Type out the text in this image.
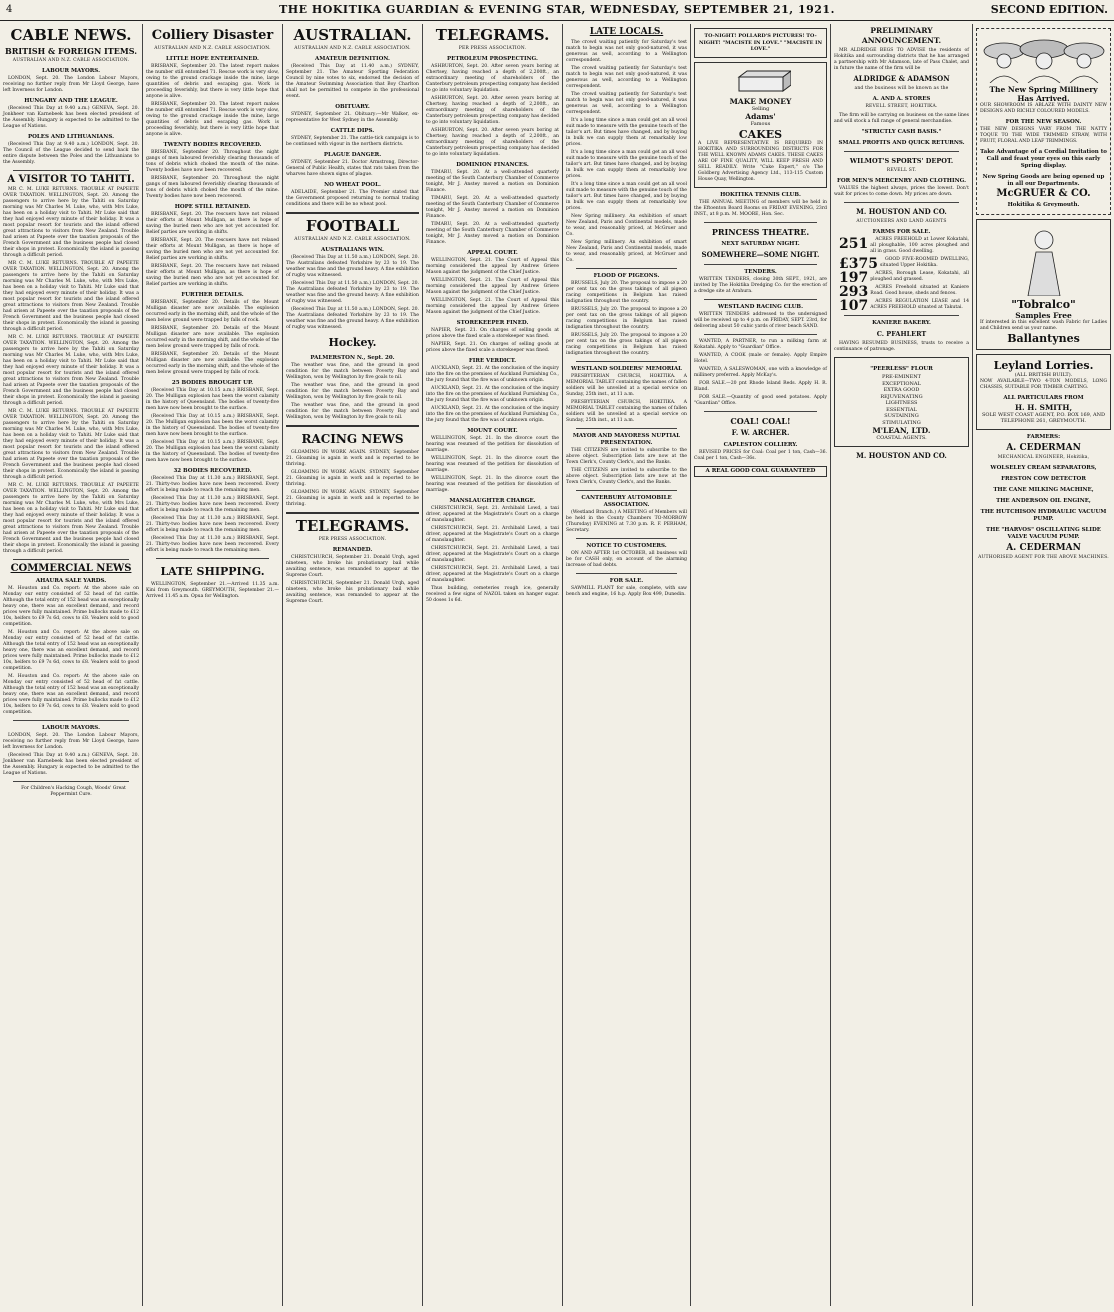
4	THE HOKITIKA GUARDIAN & EVENING STAR, WEDNESDAY, SEPTEMBER 21, 1921.	SECOND EDITION.
CABLE NEWS.
BRITISH & FOREIGN ITEMS.
AUSTRALIAN AND N.Z. CABLE ASSOCIATION.
LABOUR MAYORS.

LONDON, Sept. 20. The London Labour Mayors, receiving no further reply from Mr Lloyd George, have left Inverness for London.

HUNGARY AND THE LEAGUE.

(Received This Day at 9.40 a.m.) GENEVA, Sept. 20. Jonkheer van Karnebeek has been elected president of the Assembly. Hungary is expected to be admitted to the League of Nations.

POLES AND LITHUANIANS.

(Received This Day at 9.40 a.m.) LONDON, Sept. 20. The Council of the League decided to send back the entire dispute between the Poles and the Lithuanians to the Assembly.

A VISITOR TO TAHITI.

MR C. M. LUKE RETURNS. TROUBLE AT PAPEETE OVER TAXATION. WELLINGTON, Sept. 20. Among the passengers to arrive here by the Tahiti on Saturday morning was Mr Charles M. Luke, who, with Mrs Luke, has been on a holiday visit to Tahiti. Mr Luke said that they had enjoyed every minute of their holiday. It was a most popular resort for tourists and the island offered great attractions to visitors from New Zealand. Trouble had arisen at Papeete over the taxation proposals of the French Government and the business people had closed their shops in protest. Economically the island is passing through a difficult period.

MR C. M. LUKE RETURNS. TROUBLE AT PAPEETE OVER TAXATION. WELLINGTON, Sept. 20. Among the passengers to arrive here by the Tahiti on Saturday morning was Mr Charles M. Luke, who, with Mrs Luke, has been on a holiday visit to Tahiti. Mr Luke said that they had enjoyed every minute of their holiday. It was a most popular resort for tourists and the island offered great attractions to visitors from New Zealand. Trouble had arisen at Papeete over the taxation proposals of the French Government and the business people had closed their shops in protest. Economically the island is passing through a difficult period.

MR C. M. LUKE RETURNS. TROUBLE AT PAPEETE OVER TAXATION. WELLINGTON, Sept. 20. Among the passengers to arrive here by the Tahiti on Saturday morning was Mr Charles M. Luke, who, with Mrs Luke, has been on a holiday visit to Tahiti. Mr Luke said that they had enjoyed every minute of their holiday. It was a most popular resort for tourists and the island offered great attractions to visitors from New Zealand. Trouble had arisen at Papeete over the taxation proposals of the French Government and the business people had closed their shops in protest. Economically the island is passing through a difficult period.

MR C. M. LUKE RETURNS. TROUBLE AT PAPEETE OVER TAXATION. WELLINGTON, Sept. 20. Among the passengers to arrive here by the Tahiti on Saturday morning was Mr Charles M. Luke, who, with Mrs Luke, has been on a holiday visit to Tahiti. Mr Luke said that they had enjoyed every minute of their holiday. It was a most popular resort for tourists and the island offered great attractions to visitors from New Zealand. Trouble had arisen at Papeete over the taxation proposals of the French Government and the business people had closed their shops in protest. Economically the island is passing through a difficult period.

MR C. M. LUKE RETURNS. TROUBLE AT PAPEETE OVER TAXATION. WELLINGTON, Sept. 20. Among the passengers to arrive here by the Tahiti on Saturday morning was Mr Charles M. Luke, who, with Mrs Luke, has been on a holiday visit to Tahiti. Mr Luke said that they had enjoyed every minute of their holiday. It was a most popular resort for tourists and the island offered great attractions to visitors from New Zealand. Trouble had arisen at Papeete over the taxation proposals of the French Government and the business people had closed their shops in protest. Economically the island is passing through a difficult period.

COMMERCIAL NEWS
AHAURA SALE YARDS.

M. Houston and Co. report: At the above sale on Monday our entry consisted of 52 head of fat cattle. Although the total entry of 152 head was an exceptionally heavy one, there was an excellent demand, and record prices were fully maintained. Prime bullocks made to £12 10s, heifers to £9 7s 6d, cows to £8. Vealers sold to good competition.

M. Houston and Co. report: At the above sale on Monday our entry consisted of 52 head of fat cattle. Although the total entry of 152 head was an exceptionally heavy one, there was an excellent demand, and record prices were fully maintained. Prime bullocks made to £12 10s, heifers to £9 7s 6d, cows to £8. Vealers sold to good competition.

M. Houston and Co. report: At the above sale on Monday our entry consisted of 52 head of fat cattle. Although the total entry of 152 head was an exceptionally heavy one, there was an excellent demand, and record prices were fully maintained. Prime bullocks made to £12 10s, heifers to £9 7s 6d, cows to £8. Vealers sold to good competition.

LABOUR MAYORS.

LONDON, Sept. 20. The London Labour Mayors, receiving no further reply from Mr Lloyd George, have left Inverness for London.

(Received This Day at 9.40 a.m.) GENEVA, Sept. 20. Jonkheer van Karnebeek has been elected president of the Assembly. Hungary is expected to be admitted to the League of Nations.

For Children's Hacking Cough, Woods' Great Peppermint Cure.

Colliery Disaster
AUSTRALIAN AND N.Z. CABLE ASSOCIATION.
LITTLE HOPE ENTERTAINED.

BRISBANE, September 20. The latest report makes the number still entombed 71. Rescue work is very slow, owing to the ground crackage inside the mine, large quantities of debris and escaping gas. Work is proceeding feverishly, but there is very little hope that anyone is alive.

BRISBANE, September 20. The latest report makes the number still entombed 71. Rescue work is very slow, owing to the ground crackage inside the mine, large quantities of debris and escaping gas. Work is proceeding feverishly, but there is very little hope that anyone is alive.

TWENTY BODIES RECOVERED.

BRISBANE, September 20. Throughout the night gangs of men laboured feverishly clearing thousands of tons of debris which choked the mouth of the mine. Twenty bodies have now been recovered.

BRISBANE, September 20. Throughout the night gangs of men laboured feverishly clearing thousands of tons of debris which choked the mouth of the mine. Twenty bodies have now been recovered.

HOPE STILL RETAINED.

BRISBANE, Sept. 20. The rescuers have not relaxed their efforts at Mount Mulligan, as there is hope of saving the buried men who are not yet accounted for. Relief parties are working in shifts.

BRISBANE, Sept. 20. The rescuers have not relaxed their efforts at Mount Mulligan, as there is hope of saving the buried men who are not yet accounted for. Relief parties are working in shifts.

BRISBANE, Sept. 20. The rescuers have not relaxed their efforts at Mount Mulligan, as there is hope of saving the buried men who are not yet accounted for. Relief parties are working in shifts.

FURTHER DETAILS.

BRISBANE, September 20. Details of the Mount Mulligan disaster are now available. The explosion occurred early in the morning shift, and the whole of the men below ground were trapped by falls of rock.

BRISBANE, September 20. Details of the Mount Mulligan disaster are now available. The explosion occurred early in the morning shift, and the whole of the men below ground were trapped by falls of rock.

BRISBANE, September 20. Details of the Mount Mulligan disaster are now available. The explosion occurred early in the morning shift, and the whole of the men below ground were trapped by falls of rock.

25 BODIES BROUGHT UP.

(Received This Day at 10.15 a.m.) BRISBANE, Sept. 20. The Mulligan explosion has been the worst calamity in the history of Queensland. The bodies of twenty-five men have now been brought to the surface.

(Received This Day at 10.15 a.m.) BRISBANE, Sept. 20. The Mulligan explosion has been the worst calamity in the history of Queensland. The bodies of twenty-five men have now been brought to the surface.

(Received This Day at 10.15 a.m.) BRISBANE, Sept. 20. The Mulligan explosion has been the worst calamity in the history of Queensland. The bodies of twenty-five men have now been brought to the surface.

32 BODIES RECOVERED.

(Received This Day at 11.30 a.m.) BRISBANE, Sept. 21. Thirty-two bodies have now been recovered. Every effort is being made to reach the remaining men.

(Received This Day at 11.30 a.m.) BRISBANE, Sept. 21. Thirty-two bodies have now been recovered. Every effort is being made to reach the remaining men.

(Received This Day at 11.30 a.m.) BRISBANE, Sept. 21. Thirty-two bodies have now been recovered. Every effort is being made to reach the remaining men.

(Received This Day at 11.30 a.m.) BRISBANE, Sept. 21. Thirty-two bodies have now been recovered. Every effort is being made to reach the remaining men.

LATE SHIPPING.

WELLINGTON, September 21.—Arrived 11.35 a.m. Kini from Greymouth. GREYMOUTH, September 21.—Arrived 11.45 a.m. Opua for Wellington.

AUSTRALIAN.
AUSTRALIAN AND N.Z. CABLE ASSOCIATION.
AMATEUR DEFINITION.

(Received This Day at 11.40 a.m.) SYDNEY, September 21. The Amateur Sporting Federation Council by nine votes to six, endorsed the decision of the Amateur Swimming Association that Boy Charlton shall not be permitted to compete in the professional event.

OBITUARY.

SYDNEY, September 21. Obituary:—Mr Walker, ex-representative for West Sydney in the Assembly.

CATTLE DIPS.

SYDNEY, September 21. The cattle-tick campaign is to be continued with vigour in the northern districts.

PLAGUE DANGER.

SYDNEY, September 21. Doctor Armstrong, Director-General of Public Health, states that rats taken from the wharves have shown signs of plague.

NO WHEAT POOL.

ADELAIDE, September 21. The Premier stated that the Government proposed returning to normal trading conditions and there will be no wheat pool.

FOOTBALL
AUSTRALIAN AND N.Z. CABLE ASSOCIATION.
AUSTRALIANS WIN.

(Received This Day at 11.50 a.m.) LONDON, Sept. 20. The Australians defeated Yorkshire by 23 to 19. The weather was fine and the ground heavy. A fine exhibition of rugby was witnessed.

(Received This Day at 11.50 a.m.) LONDON, Sept. 20. The Australians defeated Yorkshire by 23 to 19. The weather was fine and the ground heavy. A fine exhibition of rugby was witnessed.

(Received This Day at 11.50 a.m.) LONDON, Sept. 20. The Australians defeated Yorkshire by 23 to 19. The weather was fine and the ground heavy. A fine exhibition of rugby was witnessed.

Hockey.
PALMERSTON N., Sept. 20.

The weather was fine, and the ground in good condition for the match between Poverty Bay and Wellington, won by Wellington by five goals to nil.

The weather was fine, and the ground in good condition for the match between Poverty Bay and Wellington, won by Wellington by five goals to nil.

The weather was fine, and the ground in good condition for the match between Poverty Bay and Wellington, won by Wellington by five goals to nil.

RACING NEWS

GLOAMING IN WORK AGAIN. SYDNEY, September 21. Gloaming is again in work and is reported to be thriving.

GLOAMING IN WORK AGAIN. SYDNEY, September 21. Gloaming is again in work and is reported to be thriving.

GLOAMING IN WORK AGAIN. SYDNEY, September 21. Gloaming is again in work and is reported to be thriving.

TELEGRAMS.
PER PRESS ASSOCIATION.
REMANDED.

CHRISTCHURCH, September 21. Donald Urqh, aged nineteen, who broke his probationary bail while awaiting sentence, was remanded to appear at the Supreme Court.

CHRISTCHURCH, September 21. Donald Urqh, aged nineteen, who broke his probationary bail while awaiting sentence, was remanded to appear at the Supreme Court.

TELEGRAMS.
PER PRESS ASSOCIATION.
PETROLEUM PROSPECTING.

ASHBURTON, Sept. 20. After seven years boring at Chertsey, having reached a depth of 2,200ft., an extraordinary meeting of shareholders of the Canterbury petroleum prospecting company has decided to go into voluntary liquidation.

ASHBURTON, Sept. 20. After seven years boring at Chertsey, having reached a depth of 2,200ft., an extraordinary meeting of shareholders of the Canterbury petroleum prospecting company has decided to go into voluntary liquidation.

ASHBURTON, Sept. 20. After seven years boring at Chertsey, having reached a depth of 2,200ft., an extraordinary meeting of shareholders of the Canterbury petroleum prospecting company has decided to go into voluntary liquidation.

DOMINION FINANCES.

TIMARU, Sept. 20. At a well-attended quarterly meeting of the South Canterbury Chamber of Commerce tonight, Mr J. Anstey moved a motion on Dominion Finance.

TIMARU, Sept. 20. At a well-attended quarterly meeting of the South Canterbury Chamber of Commerce tonight, Mr J. Anstey moved a motion on Dominion Finance.

TIMARU, Sept. 20. At a well-attended quarterly meeting of the South Canterbury Chamber of Commerce tonight, Mr J. Anstey moved a motion on Dominion Finance.

APPEAL COURT.

WELLINGTON, Sept. 21. The Court of Appeal this morning considered the appeal by Andrew Grieve Mason against the judgment of the Chief Justice.

WELLINGTON, Sept. 21. The Court of Appeal this morning considered the appeal by Andrew Grieve Mason against the judgment of the Chief Justice.

WELLINGTON, Sept. 21. The Court of Appeal this morning considered the appeal by Andrew Grieve Mason against the judgment of the Chief Justice.

STOREKEEPER FINED.

NAPIER, Sept. 21. On charges of selling goods at prices above the fixed scale a storekeeper was fined.

NAPIER, Sept. 21. On charges of selling goods at prices above the fixed scale a storekeeper was fined.

FIRE VERDICT.

AUCKLAND, Sept. 21. At the conclusion of the inquiry into the fire on the premises of Auckland Furnishing Co., the jury found that the fire was of unknown origin.

AUCKLAND, Sept. 21. At the conclusion of the inquiry into the fire on the premises of Auckland Furnishing Co., the jury found that the fire was of unknown origin.

AUCKLAND, Sept. 21. At the conclusion of the inquiry into the fire on the premises of Auckland Furnishing Co., the jury found that the fire was of unknown origin.

MOUNT COURT.

WELLINGTON, Sept. 21. In the divorce court the hearing was resumed of the petition for dissolution of marriage.

WELLINGTON, Sept. 21. In the divorce court the hearing was resumed of the petition for dissolution of marriage.

WELLINGTON, Sept. 21. In the divorce court the hearing was resumed of the petition for dissolution of marriage.

MANSLAUGHTER CHARGE.

CHRISTCHURCH, Sept. 21. Archibald Lowd, a taxi driver, appeared at the Magistrate's Court on a charge of manslaughter.

CHRISTCHURCH, Sept. 21. Archibald Lowd, a taxi driver, appeared at the Magistrate's Court on a charge of manslaughter.

CHRISTCHURCH, Sept. 21. Archibald Lowd, a taxi driver, appeared at the Magistrate's Court on a charge of manslaughter.

CHRISTCHURCH, Sept. 21. Archibald Lowd, a taxi driver, appeared at the Magistrate's Court on a charge of manslaughter.

Thus building, cemeteries rough ice, generally received a few signs of NAZOL taken on hanger sugar. 50 doses 1s 6d.

LATE LOCALS.

The crowd waiting patiently for Saturday's test match to begin was not only good-natured, it was generous as well, according to a Wellington correspondent.

The crowd waiting patiently for Saturday's test match to begin was not only good-natured, it was generous as well, according to a Wellington correspondent.

The crowd waiting patiently for Saturday's test match to begin was not only good-natured, it was generous as well, according to a Wellington correspondent.

It's a long time since a man could get an all wool suit made to measure with the genuine touch of the tailor's art. But times have changed, and by buying in bulk we can supply them at remarkably low prices.

It's a long time since a man could get an all wool suit made to measure with the genuine touch of the tailor's art. But times have changed, and by buying in bulk we can supply them at remarkably low prices.

It's a long time since a man could get an all wool suit made to measure with the genuine touch of the tailor's art. But times have changed, and by buying in bulk we can supply them at remarkably low prices.

New Spring millinery. An exhibition of smart New Zealand, Paris and Continental models, made to wear, and reasonably priced, at McGruer and Co.

New Spring millinery. An exhibition of smart New Zealand, Paris and Continental models, made to wear, and reasonably priced, at McGruer and Co.

FLOOD OF PIGEONS.

BRUSSELS, July 20. The proposal to impose a 20 per cent tax on the gross takings of all pigeon racing competitions in Belgium has raised indignation throughout the country.

BRUSSELS, July 20. The proposal to impose a 20 per cent tax on the gross takings of all pigeon racing competitions in Belgium has raised indignation throughout the country.

BRUSSELS, July 20. The proposal to impose a 20 per cent tax on the gross takings of all pigeon racing competitions in Belgium has raised indignation throughout the country.

WESTLAND SOLDIERS' MEMORIAL

PRESBYTERIAN CHURCH, HOKITIKA. A MEMORIAL TABLET containing the names of fallen soldiers will be unveiled at a special service on Sunday, 25th inst., at 11 a.m.

PRESBYTERIAN CHURCH, HOKITIKA. A MEMORIAL TABLET containing the names of fallen soldiers will be unveiled at a special service on Sunday, 25th inst., at 11 a.m.

MAYOR AND MAYORESS NUPTIAL PRESENTATION.

THE CITIZENS are invited to subscribe to the above object. Subscription lists are now at the Town Clerk's, County Clerk's, and the Banks.

THE CITIZENS are invited to subscribe to the above object. Subscription lists are now at the Town Clerk's, County Clerk's, and the Banks.

CANTERBURY AUTOMOBILE ASSOCIATION.

(Westland Branch.) A MEETING of Members will be held in the County Chambers TO-MORROW (Thursday) EVENING at 7.30 p.m. R. F. PERHAM, Secretary.

NOTICE TO CUSTOMERS.

ON AND AFTER 1st OCTOBER, all business will be for CASH only, on account of the alarming increase of bad debts.

FOR SALE.

SAWMILL PLANT for sale, complete, with saw bench and engine, 16 h.p. Apply Box 499, Dunedin.

TO-NIGHT! POLLARD'S PICTURES! TO-NIGHT! "MACISTE IN LOVE." "MACISTE IN LOVE."
MAKE MONEY
Selling
Adams'
Famous
CAKES
A LIVE REPRESENTATIVE IS REQUIRED IN HOKITIKA AND SURROUNDING DISTRICTS FOR THE WELL KNOWN ADAMS CAKES. THESE CAKES ARE OF FINE QUALITY, WILL KEEP FRESH AND SELL READILY. Write "Cake Expert," c/o The Goldberg Advertising Agency Ltd., 113-115 Custom House Quay, Wellington.
HOKITIKA TENNIS CLUB.

THE ANNUAL MEETING of members will be held in the Eftoenton Board Rooms on FRIDAY EVENING, 23rd INST., at 8 p.m. M. MOORE, Hon. Sec.

PRINCESS THEATRE.
NEXT SATURDAY NIGHT.
SOMEWHERE—SOME NIGHT.
TENDERS.

WRITTEN TENDERS, closing 30th SEPT., 1921, are invited by The Hokitika Dredging Co. for the erection of a dredge site at Arahura.

WESTLAND RACING CLUB.

WRITTEN TENDERS addressed to the undersigned will be received up to 4 p.m. on FRIDAY, SEPT. 23rd, for delivering about 50 cubic yards of river beach SAND.

WANTED, A PARTNER, to run a milking farm at Kokatahi. Apply to "Guardian" Office.

WANTED, A COOK (male or female). Apply Empire Hotel.

WANTED, A SALESWOMAN, one with a knowledge of millinery preferred. Apply McKay's.

FOR SALE.—20 pnt Rhode Island Reds. Apply H. R. Bland.

FOR SALE.—Quantity of good seed potatoes. Apply "Guardian" Office.

COAL! COAL!
F. W. ARCHER.
CAPLESTON COLLIERY.

REVISED PRICES for Coal: Coal per 1 ton, Cash—36. Coal per 1 ton, Cash—36s.

A REAL GOOD COAL GUARANTEED
PRELIMINARY ANNOUNCEMENT.

MR ALDRIDGE BEGS TO ADVISE the residents of Hokitika and surrounding districts that he has arranged a partnership with Mr Adamson, late of Pass Chalet, and in future the name of the firm will be

ALDRIDGE & ADAMSON
and the business will be known as the
A. AND A. STORES
REVELL STREET, HOKITIKA.

The firm will be carrying on business on the same lines and will stock a full range of general merchandise.

"STRICTLY CASH BASIS."
SMALL PROFITS AND QUICK RETURNS.
WILMOT'S SPORTS' DEPOT.
REVELL ST.
FOR MEN'S MERCENRY AND CLOTHING.

VALUES the highest always, prices the lowest. Don't wait for prices to come down. My prices are down.

M. HOUSTON AND CO.
AUCTIONEERS AND LAND AGENTS
FARMS FOR SALE.

251 ACRES FREEHOLD at Lower Kokatahi, all ploughable, 100 acres ploughed and all in grass. Good dwelling.

£375 GOOD FIVE-ROOMED DWELLING, situated Upper Hokitika.

197 ACRES, Borough Lease, Kokatahi, all ploughed and grassed.

293 ACRES Freehold situated at Kaniere Road. Good house, sheds and fences.

107 ACRES REGULATION LEASE and 14 ACRES FREEHOLD situated at Takutai.

KANIERE BAKERY.
C. PFAHLERT

HAVING RESUMED BUSINESS, trusts to receive a continuance of patronage.

"PEERLESS" FLOUR
PRE-EMINENT
EXCEPTIONAL
EXTRA GOOD
REJUVENATING
LIGHTNESS
ESSENTIAL
SUSTAINING
STIMULATING
M'LEAN, LTD.
COASTAL AGENTS.
M. HOUSTON AND CO.
The New Spring Millinery
Has Arrived.
OUR SHOWROOM IS ABLAZE WITH DAINTY NEW DESIGNS AND RICHLY COLOURED MODELS.
FOR THE NEW SEASON.
THE NEW DESIGNS VARY FROM THE NATTY TOQUE TO THE WIDE TRIMMED STRAW, WITH FRUIT, FLORAL AND LEAF TRIMMINGS.
Take Advantage of a Cordial Invitation to Call and feast your eyes on this early Spring display.
New Spring Goods are being opened up in all our Departments.
McGRUER & CO.
Hokitika & Greymouth.
"Tobralco"
Samples Free
If interested in this excellent wash Fabric for Ladies and Children send us your name.
Ballantynes
Leyland Lorries.
(ALL BRITISH BUILT).
NOW AVAILABLE—TWO 4-TON MODELS, LONG CHASSIS, SUITABLE FOR TIMBER CARTING.
ALL PARTICULARS FROM
H. H. SMITH,
SOLE WEST COAST AGENT, P.O. BOX 169, AND TELEPHONE 261, GREYMOUTH.
FARMERS:
A. CEDERMAN
MECHANICAL ENGINEER, Hokitika,
WOLSELEY CREAM SEPARATORS,
FRESTON COW DETECTOR
THE CANE MILKING MACHINE,
THE ANDERSON OIL ENGINE,
THE HUTCHISON HYDRAULIC VACUUM PUMP.
THE "HARVOS" OSCILLATING SLIDE VALVE VACUUM PUMP.
A. CEDERMAN
AUTHORISED AGENT FOR THE ABOVE MACHINES.
